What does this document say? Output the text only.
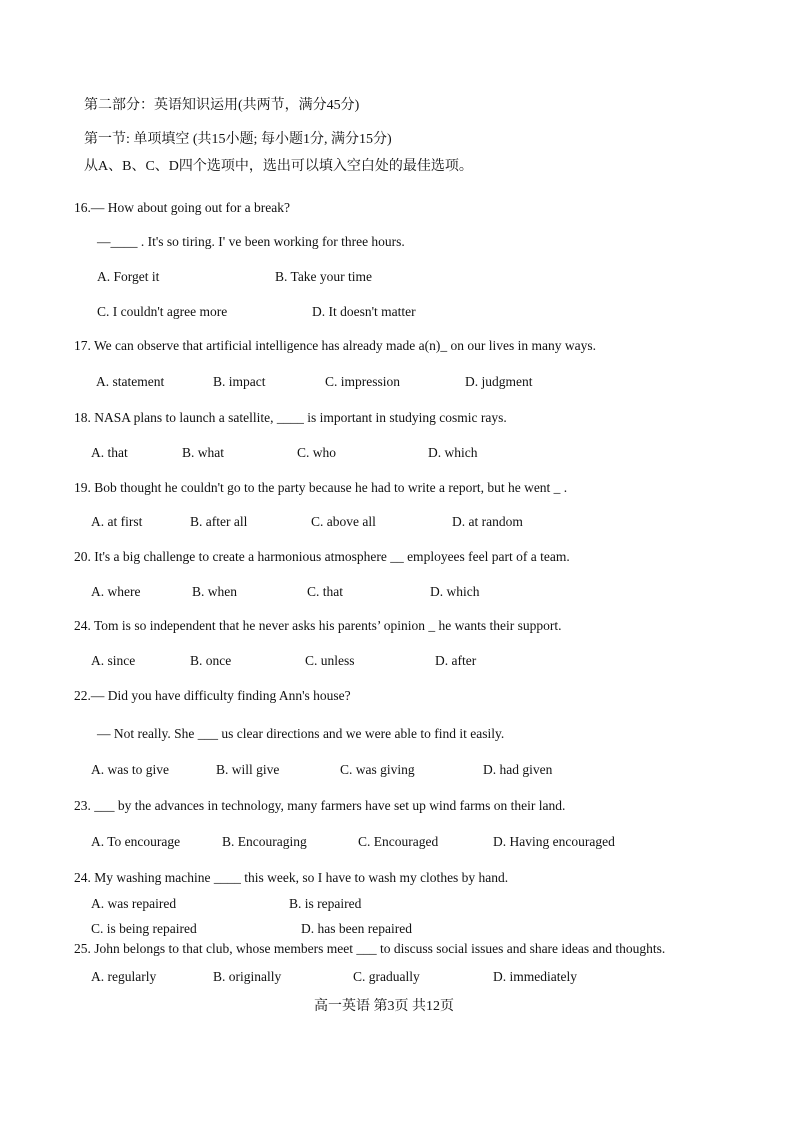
第二部分：英语知识运用(共两节，满分45分)
第一节: 单项填空 (共15小题; 每小题1分, 满分15分)
从A、B、C、D四个选项中，选出可以填入空白处的最佳选项。
16.— How about going out for a break?
—____ . It's so tiring. I' ve been working for three hours.
A. Forget it	B. Take your time
C. I couldn't agree more	D. It doesn't matter
17. We can observe that artificial intelligence has already made a(n)_ on our lives in many ways.
A. statement	B. impact	C. impression	D. judgment
18. NASA plans to launch a satellite, ____ is important in studying cosmic rays.
A. that	B. what	C. who	D. which
19. Bob thought he couldn't go to the party because he had to write a report, but he went _ .
A. at first	B. after all	C. above all	D. at random
20. It's a big challenge to create a harmonious atmosphere __ employees feel part of a team.
A. where	B. when	C. that	D. which
24. Tom is so independent that he never asks his parents’ opinion _ he wants their support.
A. since	B. once	C. unless	D. after
22.— Did you have difficulty finding Ann's house?
— Not really. She ___ us clear directions and we were able to find it easily.
A. was to give	B. will give	C. was giving	D. had given
23. ___ by the advances in technology, many farmers have set up wind farms on their land.
A. To encourage	B. Encouraging	C. Encouraged	D. Having encouraged
24. My washing machine ____ this week, so I have to wash my clothes by hand.
A. was repaired	B. is repaired
C. is being repaired	D. has been repaired
25. John belongs to that club, whose members meet ___ to discuss social issues and share ideas and thoughts.
A. regularly	B. originally	C. gradually	D. immediately
高一英语 第3页 共12页
